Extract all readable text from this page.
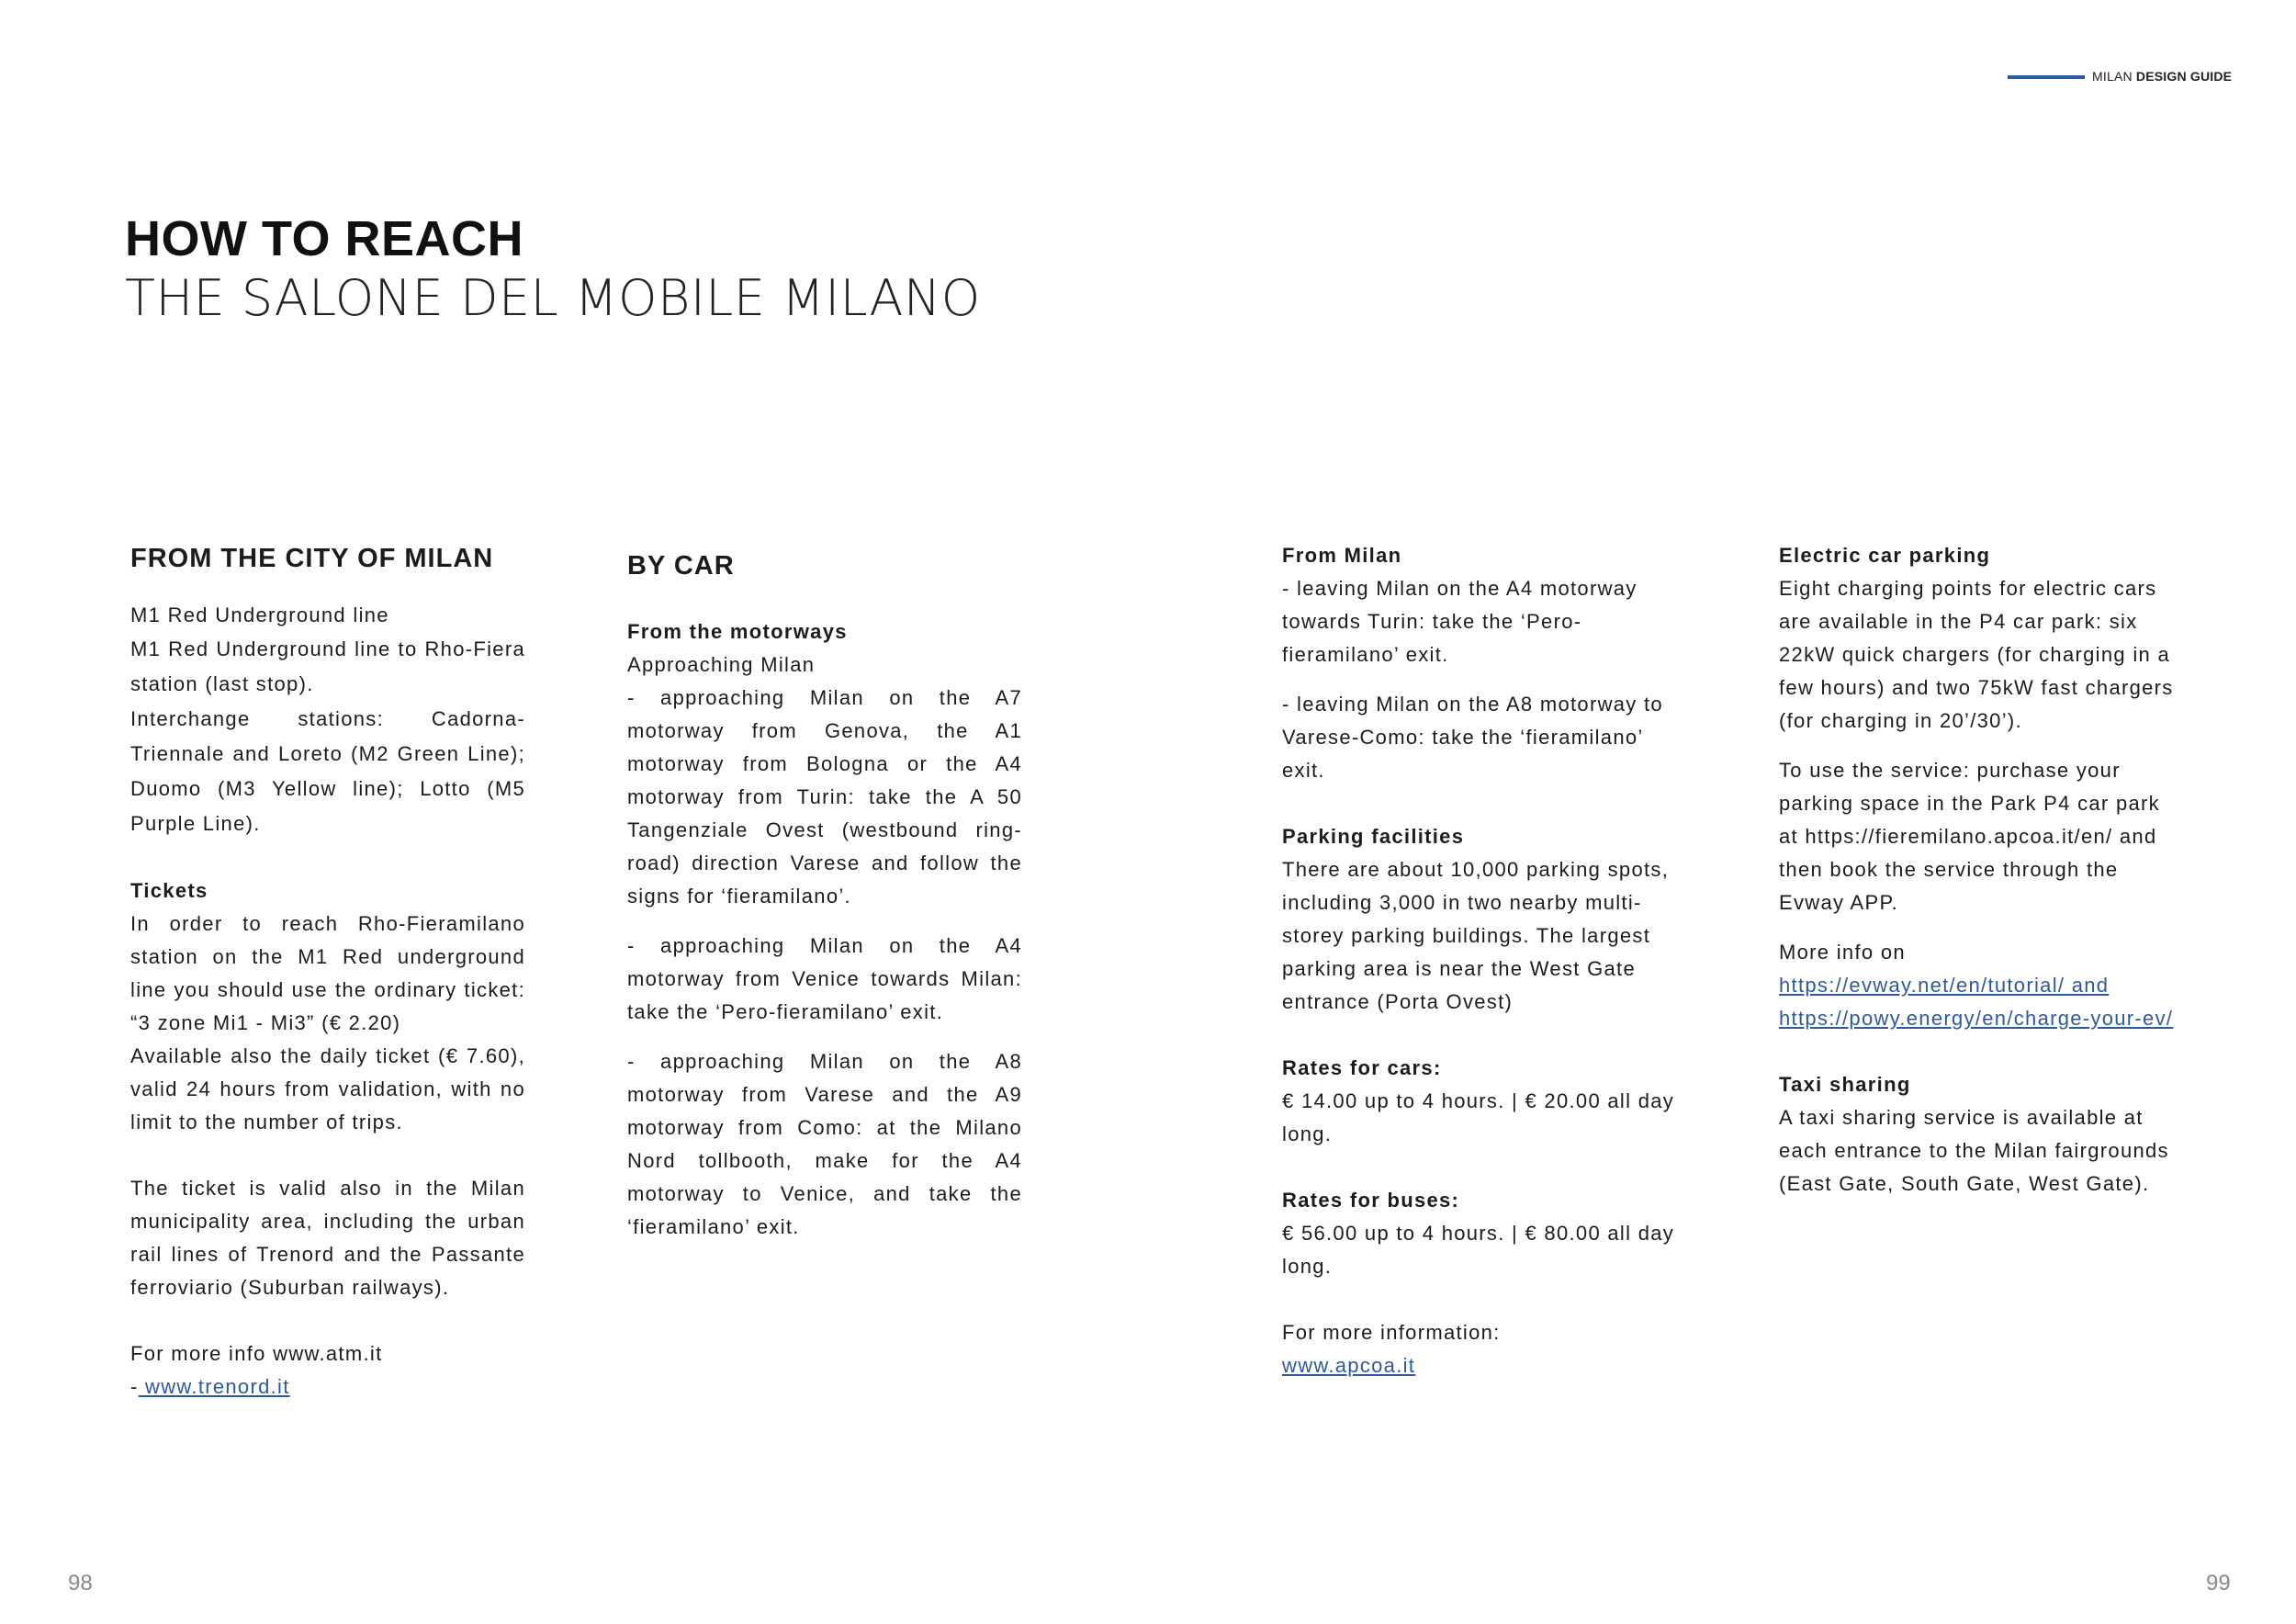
MILAN DESIGN GUIDE
HOW TO REACH
THE SALONE DEL MOBILE MILANO

FROM THE CITY OF MILAN

M1 Red Underground line

M1 Red Underground line to Rho-Fiera station (last stop).

Interchange stations: Cadorna-Triennale and Loreto (M2 Green Line); Duomo (M3 Yellow line); Lotto (M5 Purple Line).

Tickets

In order to reach Rho-Fieramilano station on the M1 Red underground line you should use the ordinary ticket: “3 zone Mi1 - Mi3” (€ 2.20)

Available also the daily ticket (€ 7.60), valid 24 hours from validation, with no limit to the number of trips.

The ticket is valid also in the Milan municipality area, including the urban rail lines of Trenord and the Passante ferroviario (Suburban railways).

For more info www.atm.it

- www.trenord.it

BY CAR

From the motorways

Approaching Milan

- approaching Milan on the A7 motorway from Genova, the A1 motorway from Bologna or the A4 motorway from Turin: take the A 50 Tangenziale Ovest (westbound ring-road) direction Varese and follow the signs for ‘fieramilano’.

- approaching Milan on the A4 motorway from Venice towards Milan: take the ‘Pero-fieramilano’ exit.

- approaching Milan on the A8 motorway from Varese and the A9 motorway from Como: at the Milano Nord tollbooth, make for the A4 motorway to Venice, and take the ‘fieramilano’ exit.

From Milan

- leaving Milan on the A4 motorway towards Turin: take the ‘Pero-fieramilano’ exit.

- leaving Milan on the A8 motorway to Varese-Como: take the ‘fieramilano’ exit.

Parking facilities

There are about 10,000 parking spots, including 3,000 in two nearby multi-storey parking buildings. The largest parking area is near the West Gate entrance (Porta Ovest)

Rates for cars:

€ 14.00 up to 4 hours. | € 20.00 all day long.

Rates for buses:

€ 56.00 up to 4 hours. | € 80.00 all day long.

For more information:

www.apcoa.it

Electric car parking

Eight charging points for electric cars are available in the P4 car park: six 22kW quick chargers (for charging in a few hours) and two 75kW fast chargers (for charging in 20’/30’).

To use the service: purchase your parking space in the Park P4 car park at https://fieremilano.apcoa.it/en/ and then book the service through the Evway APP.

More info on https://evway.net/en/tutorial/ and https://powy.energy/en/charge-your-ev/

Taxi sharing

A taxi sharing service is available at each entrance to the Milan fairgrounds (East Gate, South Gate, West Gate).

98	99
